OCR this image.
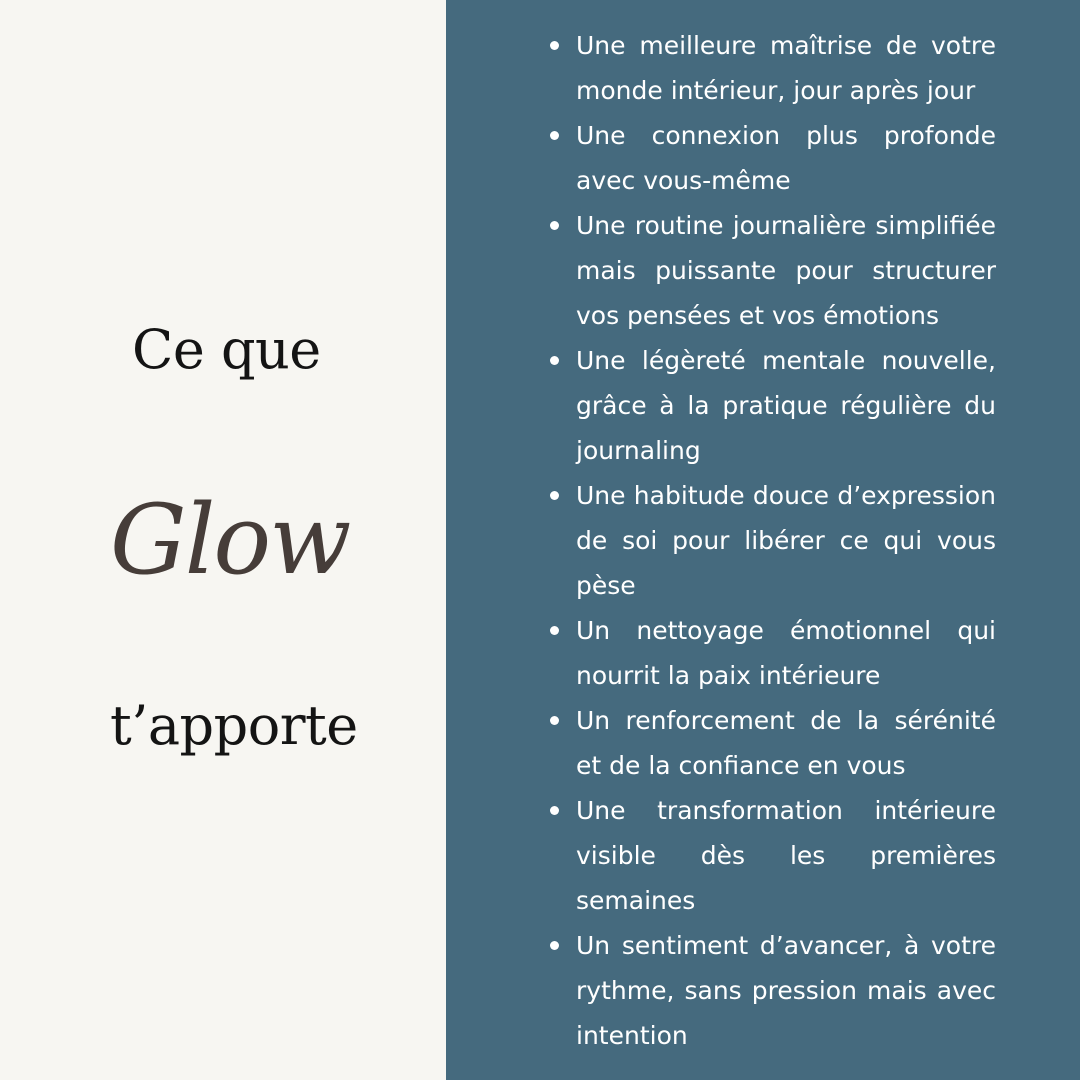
Ce que
Glow
t’apporte
Une meilleure maîtrise de votre monde intérieur, jour après jour
Une connexion plus profonde avec vous-même
Une routine journalière simplifiée mais puissante pour structurer vos pensées et vos émotions
Une légèreté mentale nouvelle, grâce à la pratique régulière du journaling
Une habitude douce d’expression de soi pour libérer ce qui vous pèse
Un nettoyage émotionnel qui nourrit la paix intérieure
Un renforcement de la sérénité et de la confiance en vous
Une transformation intérieure visible dès les premières semaines
Un sentiment d’avancer, à votre rythme, sans pression mais avec intention
